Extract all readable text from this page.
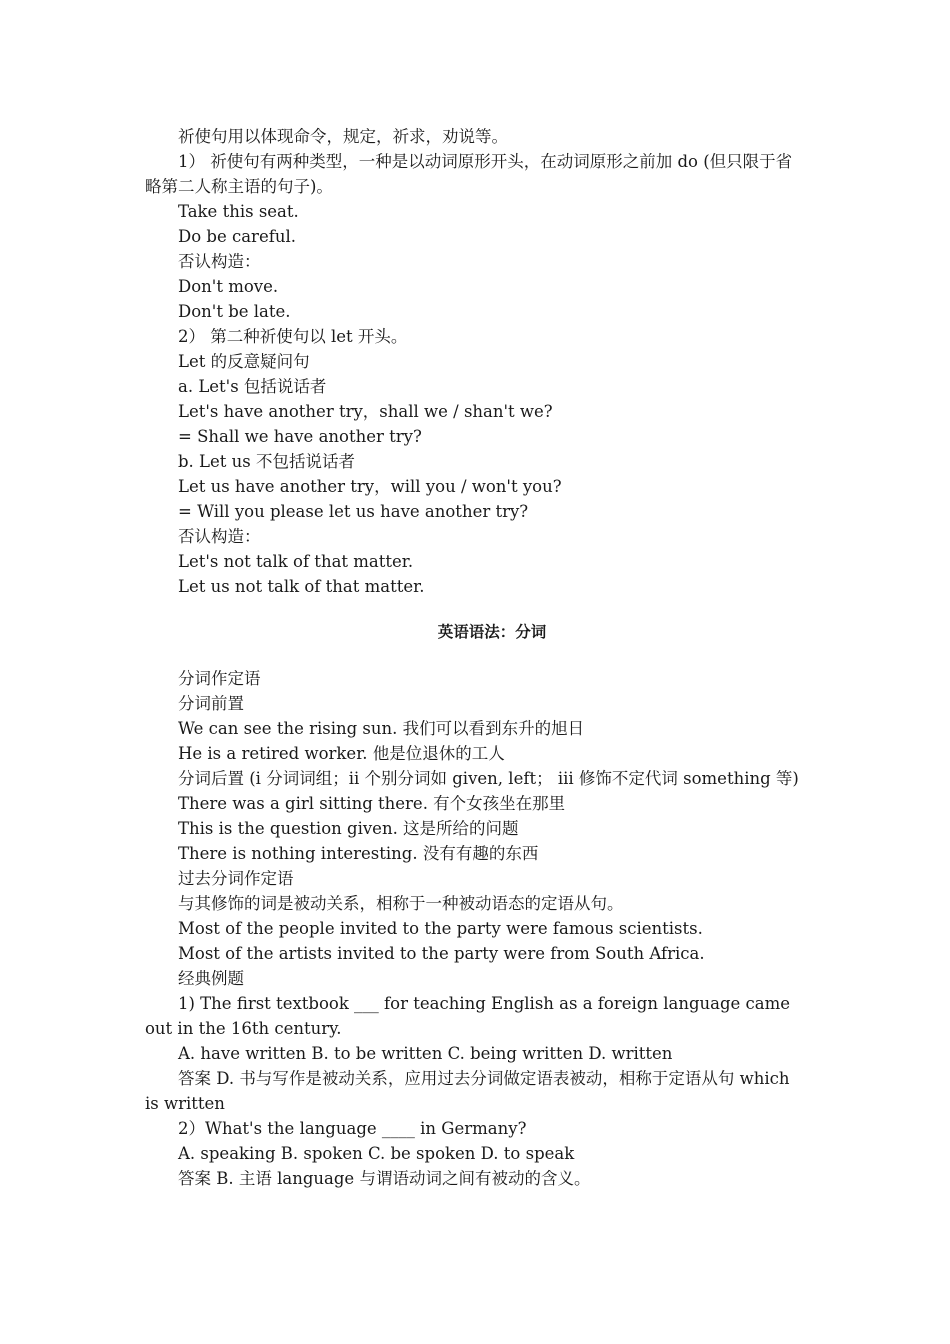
祈使句用以体现命令，规定，祈求，劝说等。
1） 祈使句有两种类型，一种是以动词原形开头，在动词原形之前加 do (但只限于省略第二人称主语的句子)。
Take this seat.
Do be careful.
否认构造：
Don't move.
Don't be late.
2） 第二种祈使句以 let 开头。
Let 的反意疑问句
a. Let's 包括说话者
Let's have another try，shall we / shan't we?
= Shall we have another try?
b. Let us 不包括说话者
Let us have another try，will you / won't you?
= Will you please let us have another try?
否认构造：
Let's not talk of that matter.
Let us not talk of that matter.
英语语法：分词
分词作定语
分词前置
We can see the rising sun. 我们可以看到东升的旭日
He is a retired worker. 他是位退休的工人
分词后置 (i 分词词组；ii 个别分词如 given, left； iii 修饰不定代词 something 等)
There was a girl sitting there. 有个女孩坐在那里
This is the question given. 这是所给的问题
There is nothing interesting. 没有有趣的东西
过去分词作定语
与其修饰的词是被动关系，相称于一种被动语态的定语从句。
Most of the people invited to the party were famous scientists.
Most of the artists invited to the party were from South Africa.
经典例题
1) The first textbook ___ for teaching English as a foreign language came out in the 16th century.
A. have written B. to be written C. being written D. written
答案 D. 书与写作是被动关系，应用过去分词做定语表被动，相称于定语从句 which is written
2）What's the language ____ in Germany?
A. speaking B. spoken C. be spoken D. to speak
答案 B. 主语 language 与谓语动词之间有被动的含义。
